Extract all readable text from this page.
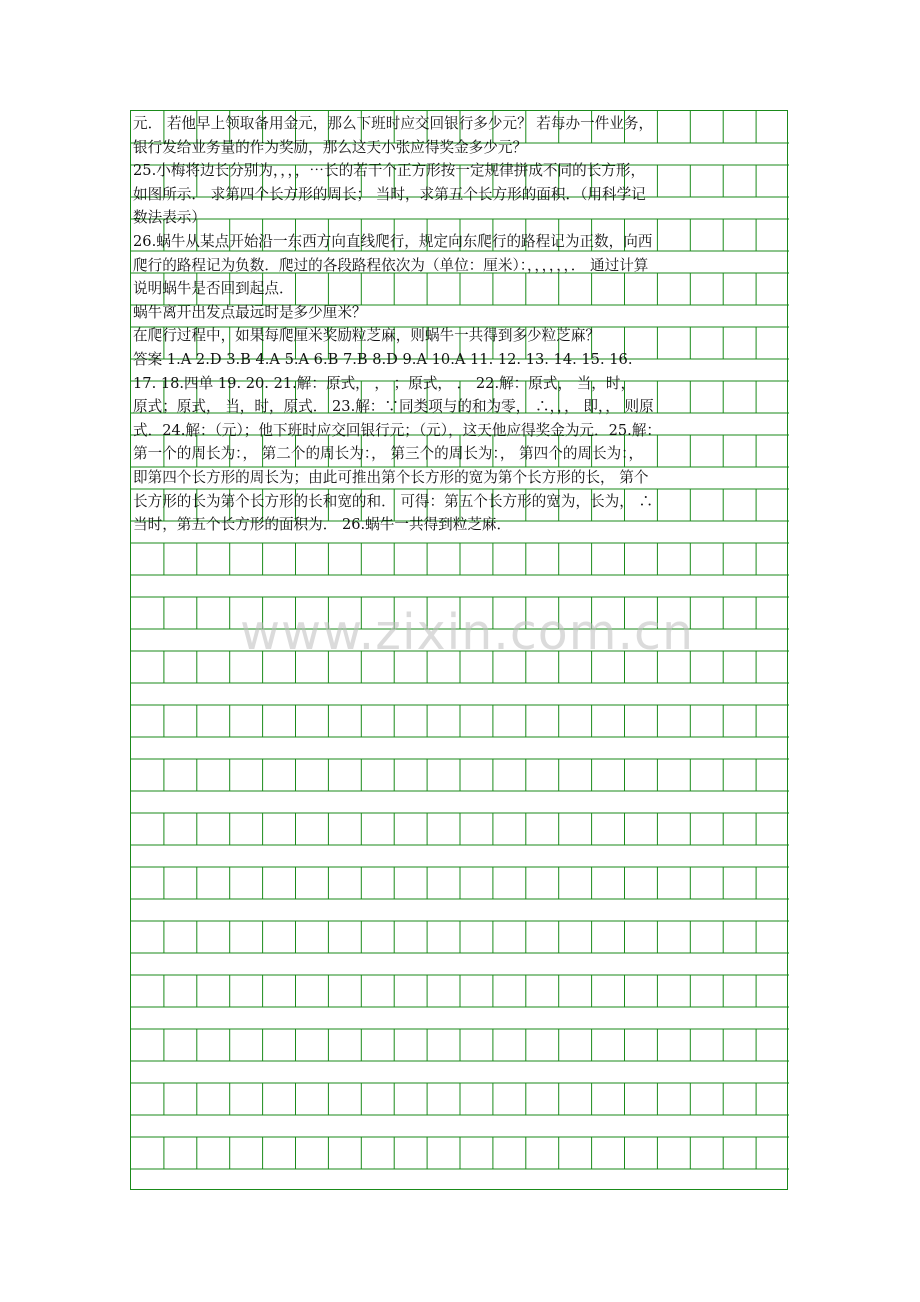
元． 若他早上领取备用金元，那么下班时应交回银行多少元？ 若每办一件业务，
银行发给业务量的作为奖励，那么这天小张应得奖金多少元？
25.小梅将边长分别为，，，，⋯长的若干个正方形按一定规律拼成不同的长方形，
如图所示． 求第四个长方形的周长； 当时，求第五个长方形的面积．（用科学记
数法表示）
26.蜗牛从某点开始沿一东西方向直线爬行，规定向东爬行的路程记为正数，向西
爬行的路程记为负数．爬过的各段路程依次为（单位：厘米）：，，，，，，． 通过计算
说明蜗牛是否回到起点．
蜗牛离开出发点最远时是多少厘米？
在爬行过程中，如果每爬厘米奖励粒芝麻，则蜗牛一共得到多少粒芝麻？
答案 1.A 2.D 3.B 4.A 5.A 6.B 7.B 8.D 9.A 10.A 11. 12. 13. 14. 15. 16.
17. 18.四单 19. 20. 21.解：原式， ， ；原式， ． 22.解：原式， 当，时，
原式；原式， 当，时，原式． 23.解：∵同类项与的和为零， ∴，，， 即，， 则原
式．24.解：（元）；他下班时应交回银行元；（元），这天他应得奖金为元．25.解：
第一个的周长为：， 第二个的周长为：， 第三个的周长为：， 第四个的周长为：，
即第四个长方形的周长为；由此可推出第个长方形的宽为第个长方形的长， 第个
长方形的长为第个长方形的长和宽的和． 可得：第五个长方形的宽为，长为， ∴
当时，第五个长方形的面积为． 26.蜗牛一共得到粒芝麻．
www.zixin.com.cn
